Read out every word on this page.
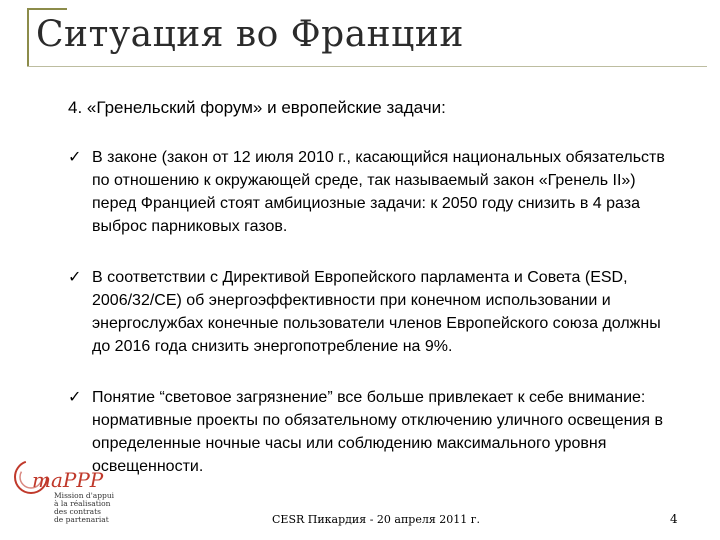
Ситуация во Франции
4. «Гренельский форум» и европейские задачи:
✓ В законе (закон от 12 июля 2010 г., касающийся национальных обязательств по отношению к окружающей среде, так называемый закон «Гренель II») перед Францией стоят амбициозные задачи: к 2050 году снизить в 4 раза выброс парниковых газов.
✓ В соответствии с Директивой Европейского парламента и Совета (ESD, 2006/32/CE) об энергоэффективности при конечном использовании и энергослужбах конечные пользователи членов Европейского союза должны до 2016 года снизить энергопотребление на 9%.
✓ Понятие “световое загрязнение” все больше привлекает к себе внимание: нормативные проекты по обязательному отключению уличного освещения в определенные ночные часы или соблюдению максимального уровня освещенности.
maPPP
Mission d'appui
à la réalisation
des contrats
de partenariat	CESR Пикардия - 20 апреля 2011 г.	4
